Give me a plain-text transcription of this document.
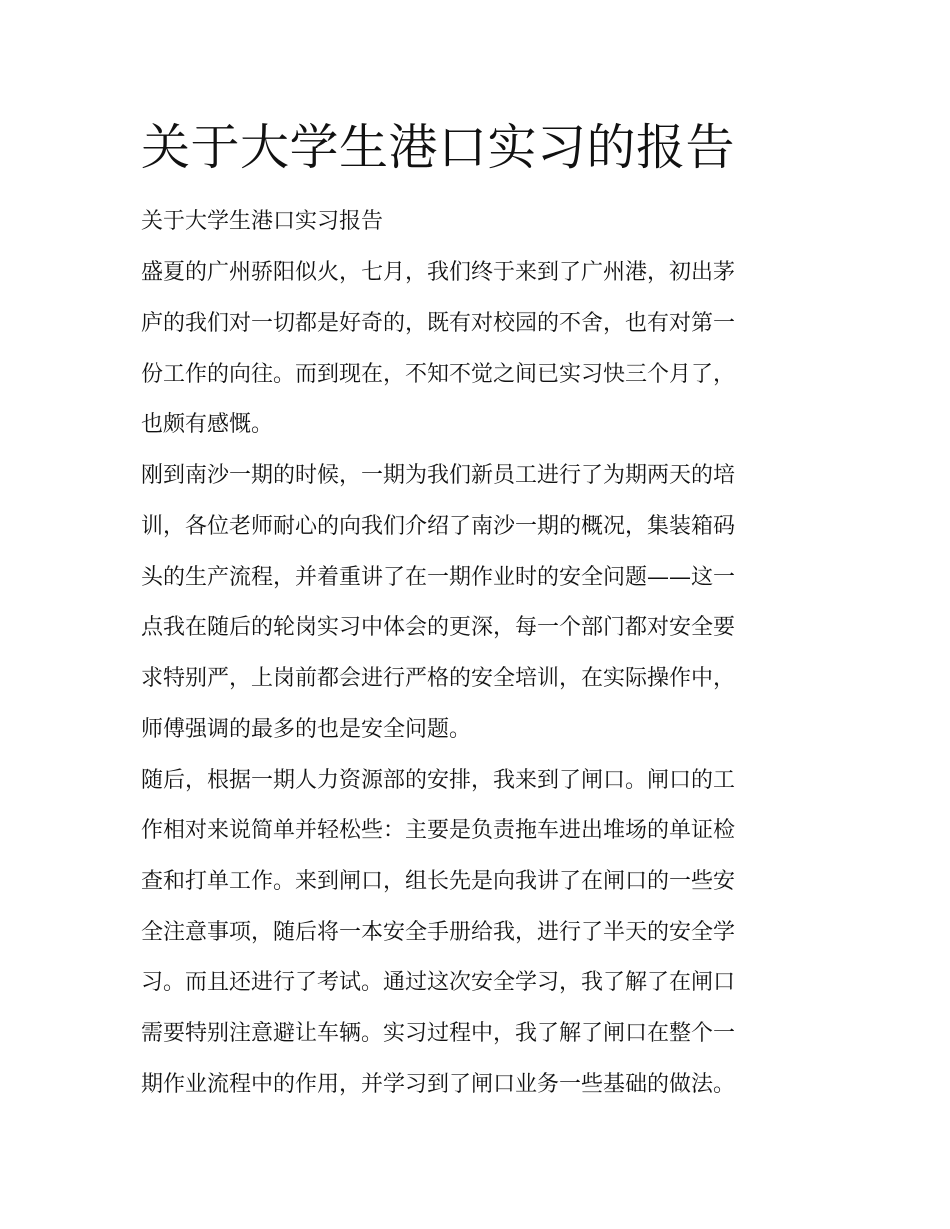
关于大学生港口实习的报告

关于大学生港口实习报告

盛夏的广州骄阳似火，七月，我们终于来到了广州港，初出茅

庐的我们对一切都是好奇的，既有对校园的不舍，也有对第一

份工作的向往。而到现在，不知不觉之间已实习快三个月了，

也颇有感慨。

刚到南沙一期的时候，一期为我们新员工进行了为期两天的培

训，各位老师耐心的向我们介绍了南沙一期的概况，集装箱码

头的生产流程，并着重讲了在一期作业时的安全问题——这一

点我在随后的轮岗实习中体会的更深，每一个部门都对安全要

求特别严，上岗前都会进行严格的安全培训，在实际操作中，

师傅强调的最多的也是安全问题。

随后，根据一期人力资源部的安排，我来到了闸口。闸口的工

作相对来说简单并轻松些：主要是负责拖车进出堆场的单证检

查和打单工作。来到闸口，组长先是向我讲了在闸口的一些安

全注意事项，随后将一本安全手册给我，进行了半天的安全学

习。而且还进行了考试。通过这次安全学习，我了解了在闸口

需要特别注意避让车辆。实习过程中，我了解了闸口在整个一

期作业流程中的作用，并学习到了闸口业务一些基础的做法。
